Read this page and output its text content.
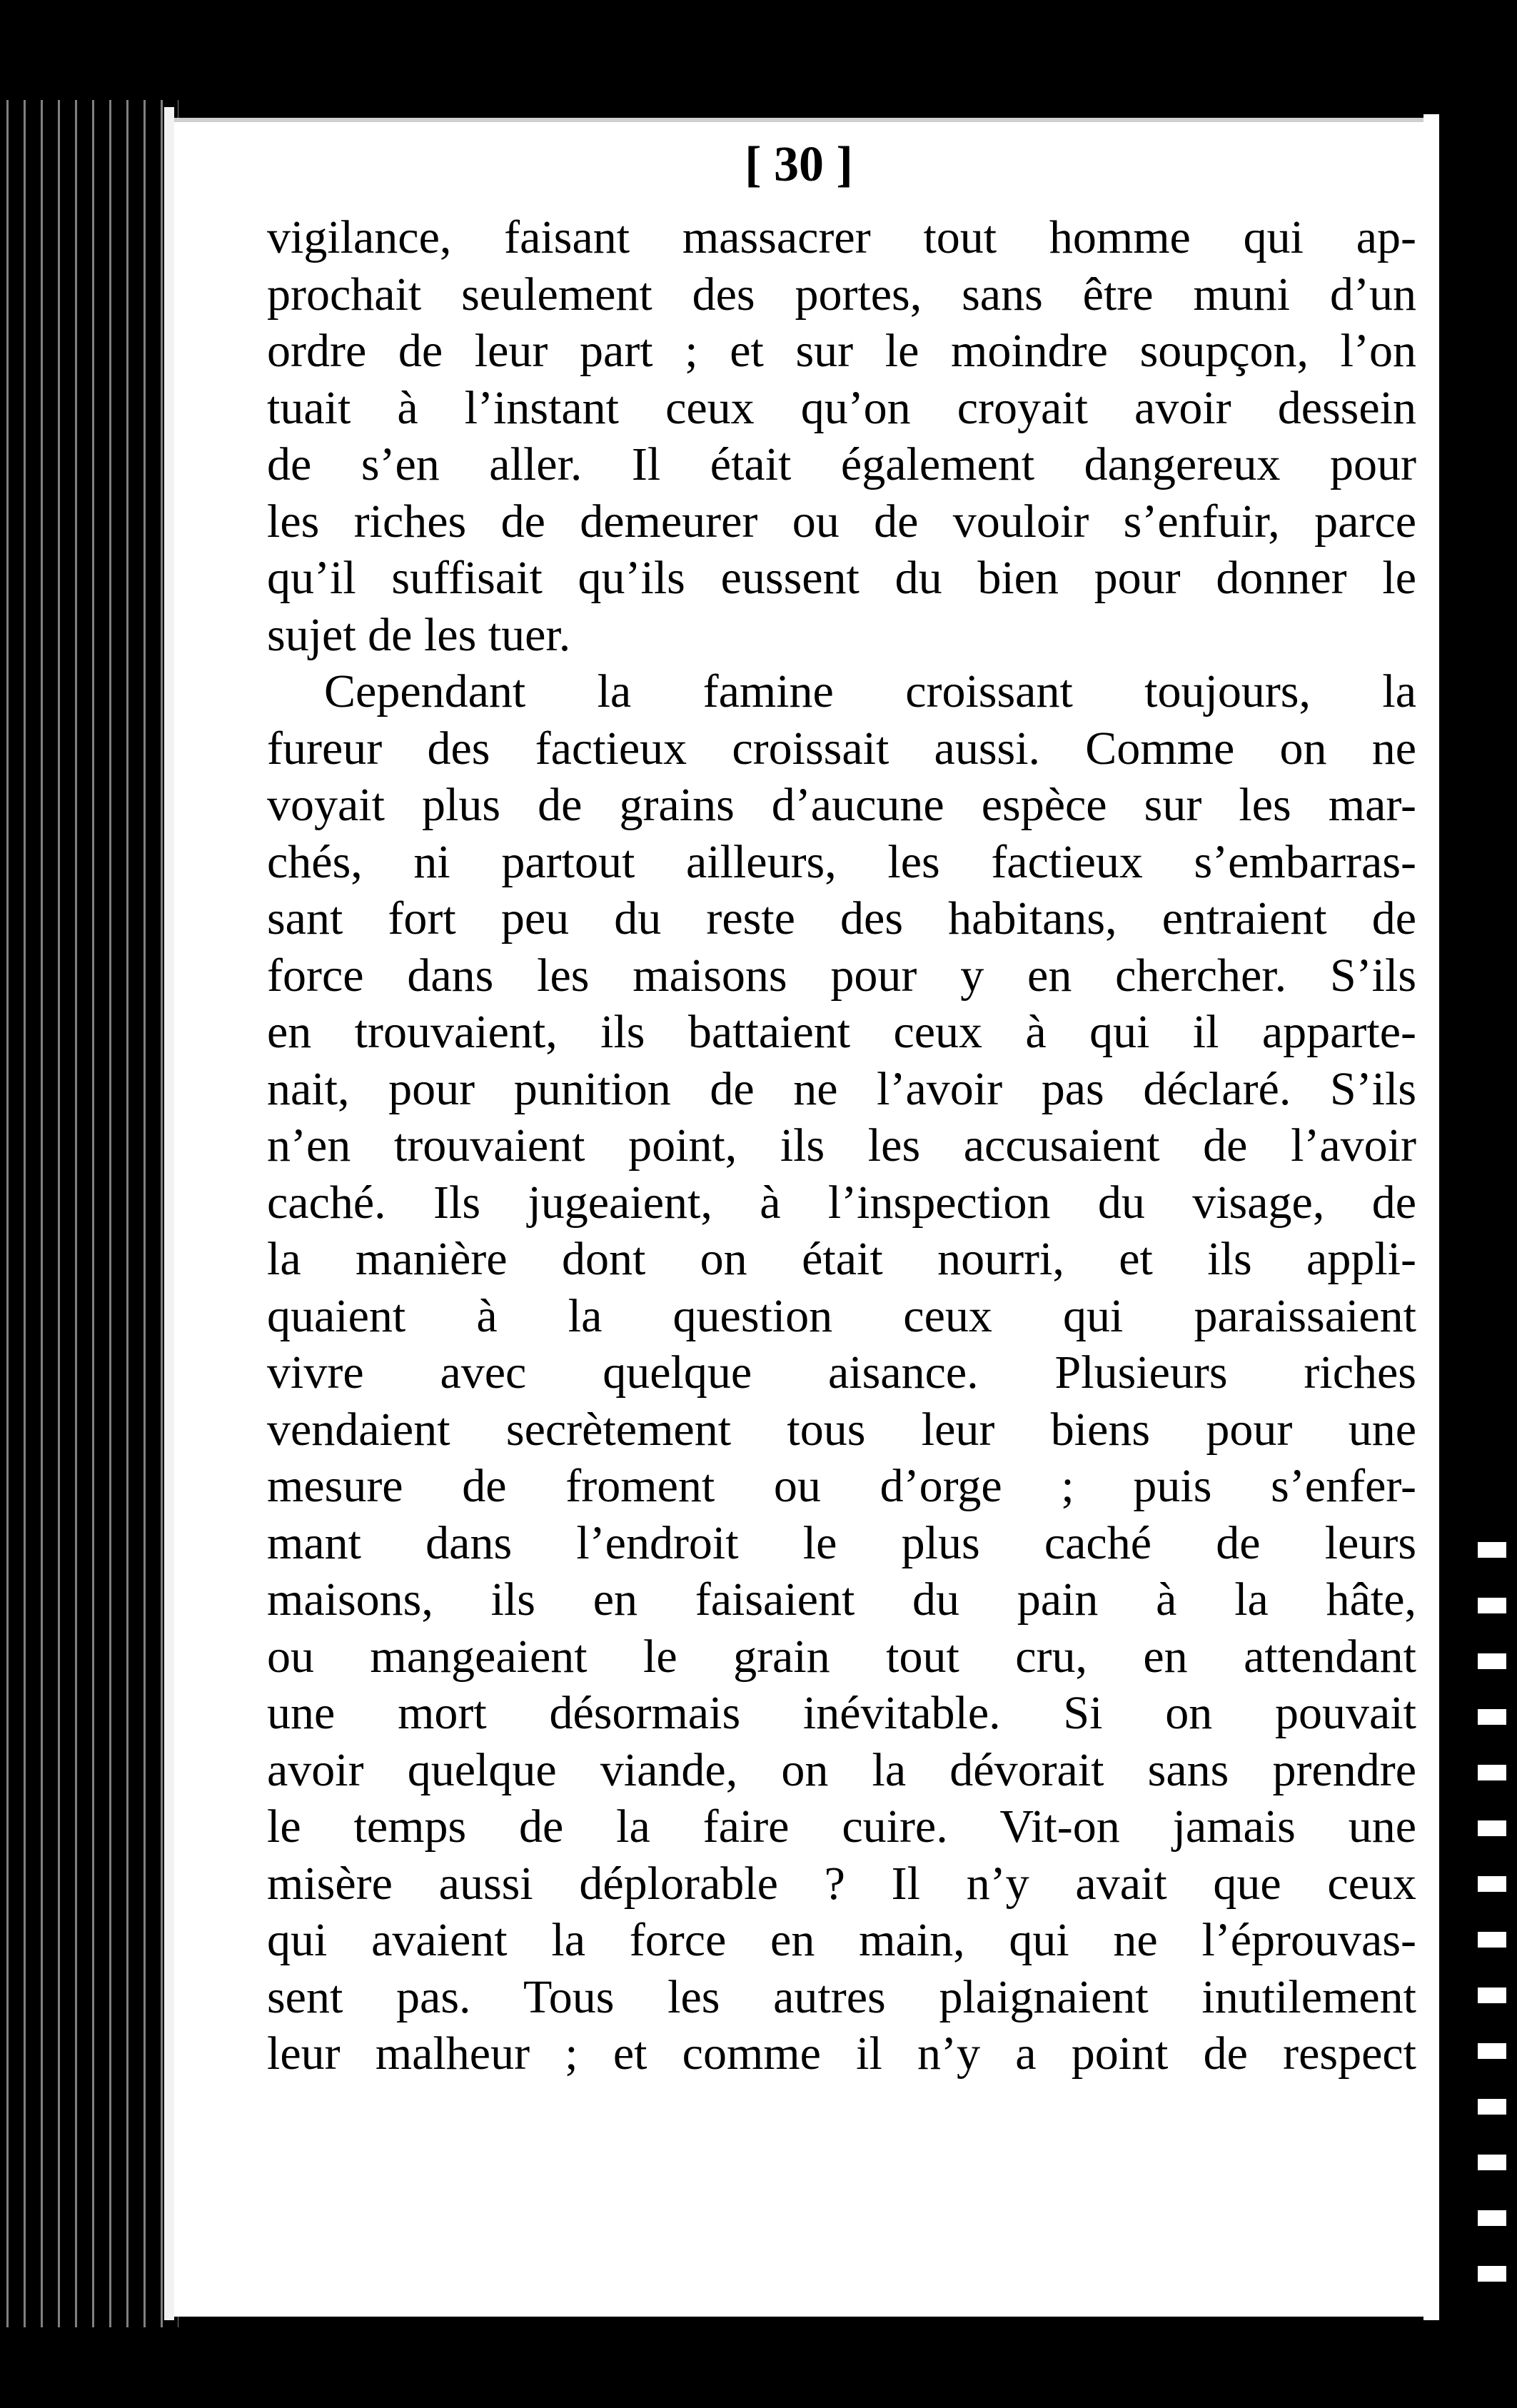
[ 30 ]
vigilance, faisant massacrer tout homme qui ap-
prochait seulement des portes, sans être muni d’un
ordre de leur part ; et sur le moindre soupçon, l’on
tuait à l’instant ceux qu’on croyait avoir dessein
de s’en aller. Il était également dangereux pour
les riches de demeurer ou de vouloir s’enfuir, parce
qu’il suffisait qu’ils eussent du bien pour donner le
sujet de les tuer.
Cependant la famine croissant toujours, la
fureur des factieux croissait aussi. Comme on ne
voyait plus de grains d’aucune espèce sur les mar-
chés, ni partout ailleurs, les factieux s’embarras-
sant fort peu du reste des habitans, entraient de
force dans les maisons pour y en chercher. S’ils
en trouvaient, ils battaient ceux à qui il apparte-
nait, pour punition de ne l’avoir pas déclaré. S’ils
n’en trouvaient point, ils les accusaient de l’avoir
caché. Ils jugeaient, à l’inspection du visage, de
la manière dont on était nourri, et ils appli-
quaient à la question ceux qui paraissaient
vivre avec quelque aisance. Plusieurs riches
vendaient secrètement tous leur biens pour une
mesure de froment ou d’orge ; puis s’enfer-
mant dans l’endroit le plus caché de leurs
maisons, ils en faisaient du pain à la hâte,
ou mangeaient le grain tout cru, en attendant
une mort désormais inévitable. Si on pouvait
avoir quelque viande, on la dévorait sans prendre
le temps de la faire cuire. Vit-on jamais une
misère aussi déplorable ? Il n’y avait que ceux
qui avaient la force en main, qui ne l’éprouvas-
sent pas. Tous les autres plaignaient inutilement
leur malheur ; et comme il n’y a point de respect
